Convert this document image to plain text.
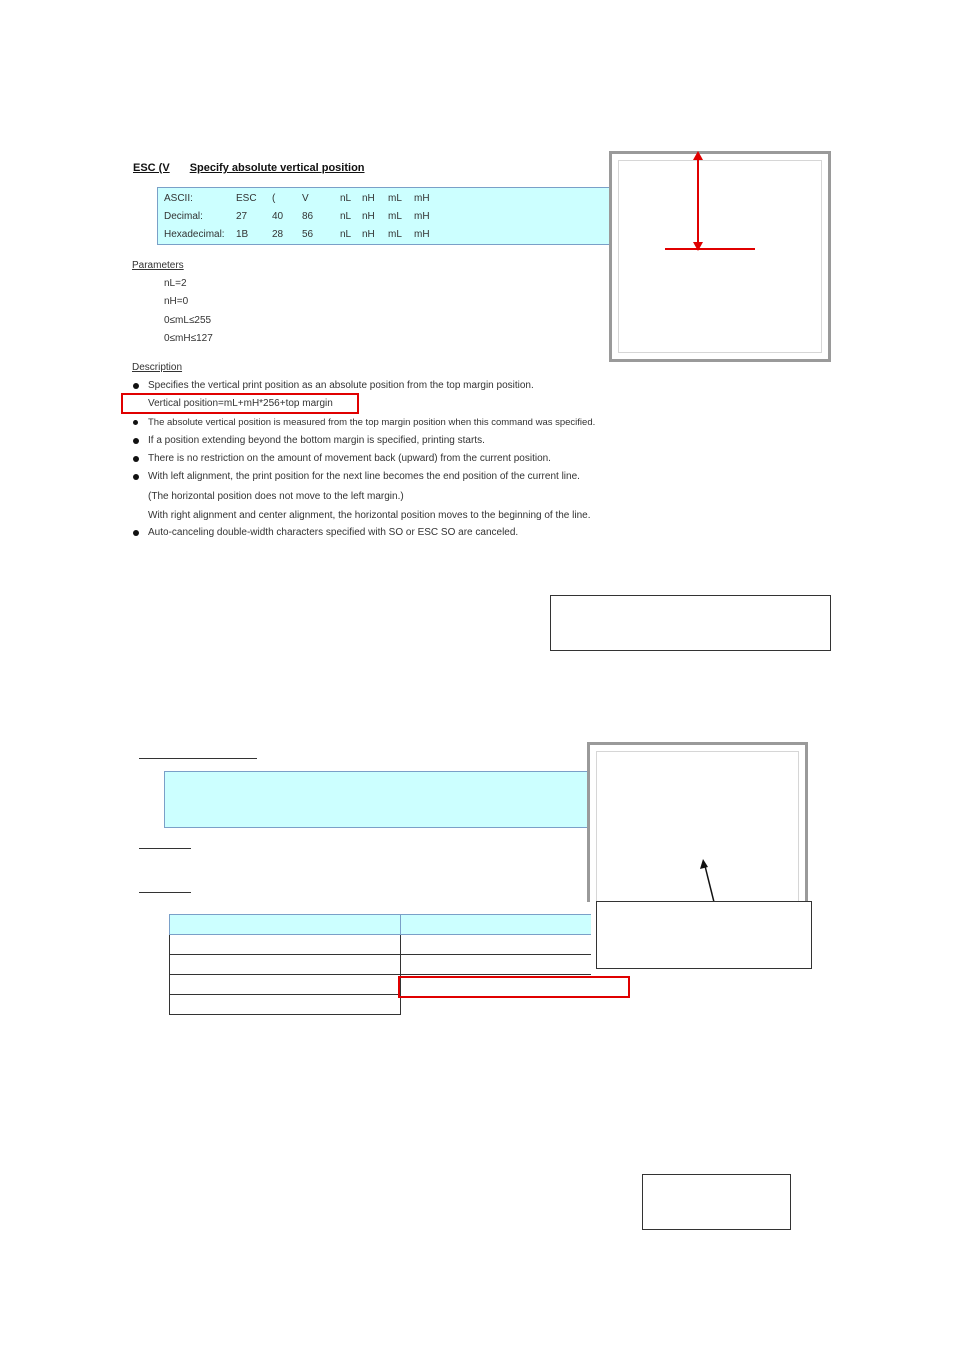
ESC (V Specify absolute vertical position
ASCII:	ESC (	V	nL nH mL mH
Decimal:	27 40 86	nL nH mL mH
Hexadecimal: 1B 28 56	nL nH mL mH
Parameters
nL=2
nH=0
0≤mL≤255
0≤mH≤127
Description
Specifies the vertical print position as an absolute position from the top margin position.
Vertical position=mL+mH*256+top margin
The absolute vertical position is measured from the top margin position when this command was specified.
If a position extending beyond the bottom margin is specified, printing starts.
There is no restriction on the amount of movement back (upward) from the current position.
With left alignment, the print position for the next line becomes the end position of the current line.
(The horizontal position does not move to the left margin.)
With right alignment and center alignment, the horizontal position moves to the beginning of the line.
Auto-canceling double-width characters specified with SO or ESC SO are canceled.
